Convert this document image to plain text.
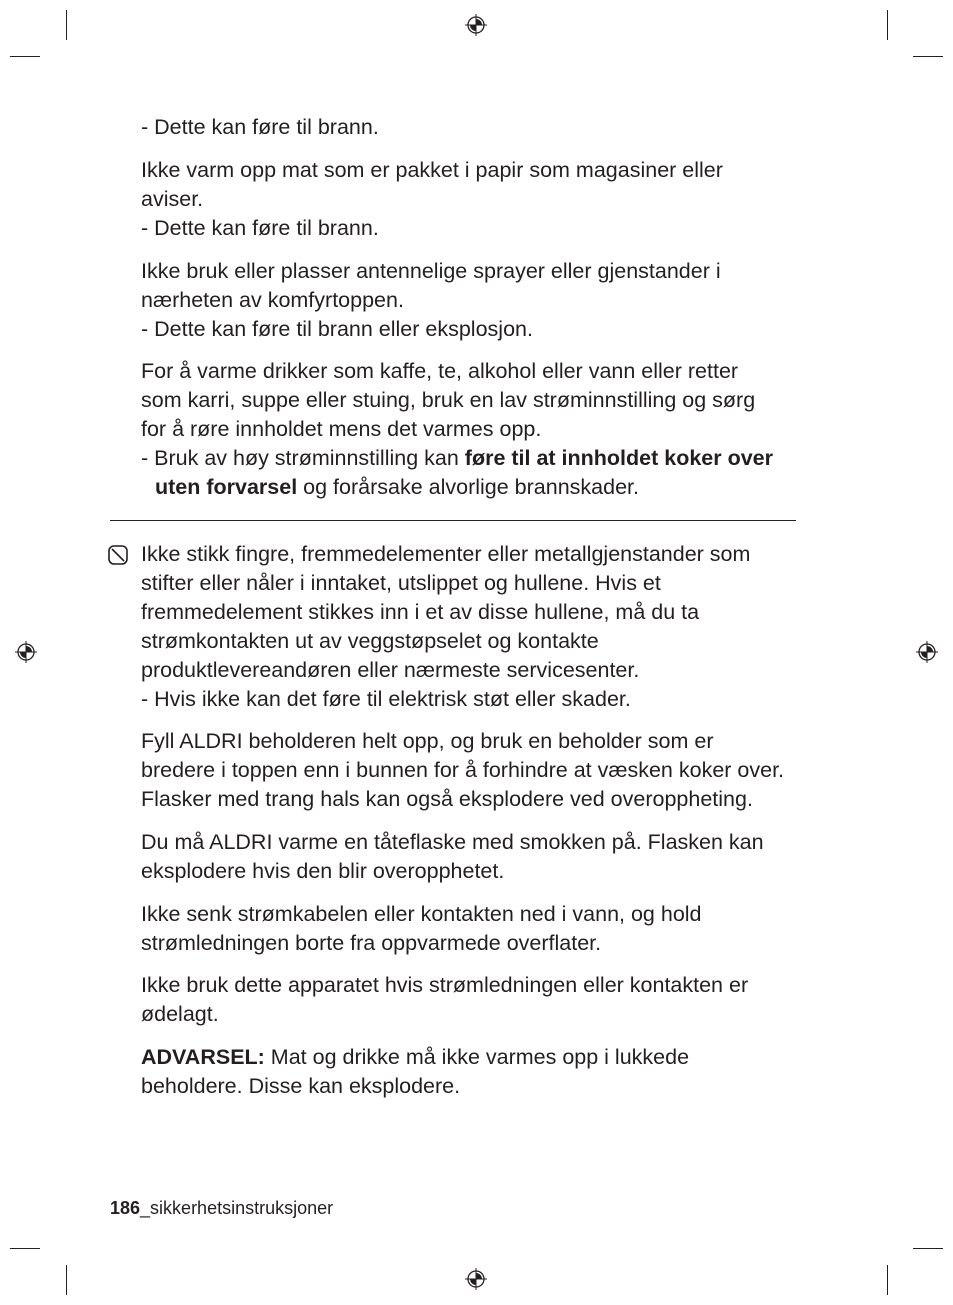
- Dette kan føre til brann.

Ikke varm opp mat som er pakket i papir som magasiner eller

aviser.

- Dette kan føre til brann.

Ikke bruk eller plasser antennelige sprayer eller gjenstander i

nærheten av komfyrtoppen.

- Dette kan føre til brann eller eksplosjon.

For å varme drikker som kaffe, te, alkohol eller vann eller retter

som karri, suppe eller stuing, bruk en lav strøminnstilling og sørg

for å røre innholdet mens det varmes opp.

- Bruk av høy strøminnstilling kan føre til at innholdet koker over

uten forvarsel og forårsake alvorlige brannskader.

Ikke stikk fingre, fremmedelementer eller metallgjenstander som

stifter eller nåler i inntaket, utslippet og hullene. Hvis et

fremmedelement stikkes inn i et av disse hullene, må du ta

strømkontakten ut av veggstøpselet og kontakte

produktlevereandøren eller nærmeste servicesenter.

- Hvis ikke kan det føre til elektrisk støt eller skader.

Fyll ALDRI beholderen helt opp, og bruk en beholder som er

bredere i toppen enn i bunnen for å forhindre at væsken koker over.

Flasker med trang hals kan også eksplodere ved overoppheting.

Du må ALDRI varme en tåteflaske med smokken på. Flasken kan

eksplodere hvis den blir overopphetet.

Ikke senk strømkabelen eller kontakten ned i vann, og hold

strømledningen borte fra oppvarmede overflater.

Ikke bruk dette apparatet hvis strømledningen eller kontakten er

ødelagt.

ADVARSEL: Mat og drikke må ikke varmes opp i lukkede

beholdere. Disse kan eksplodere.

186_sikkerhetsinstruksjoner
